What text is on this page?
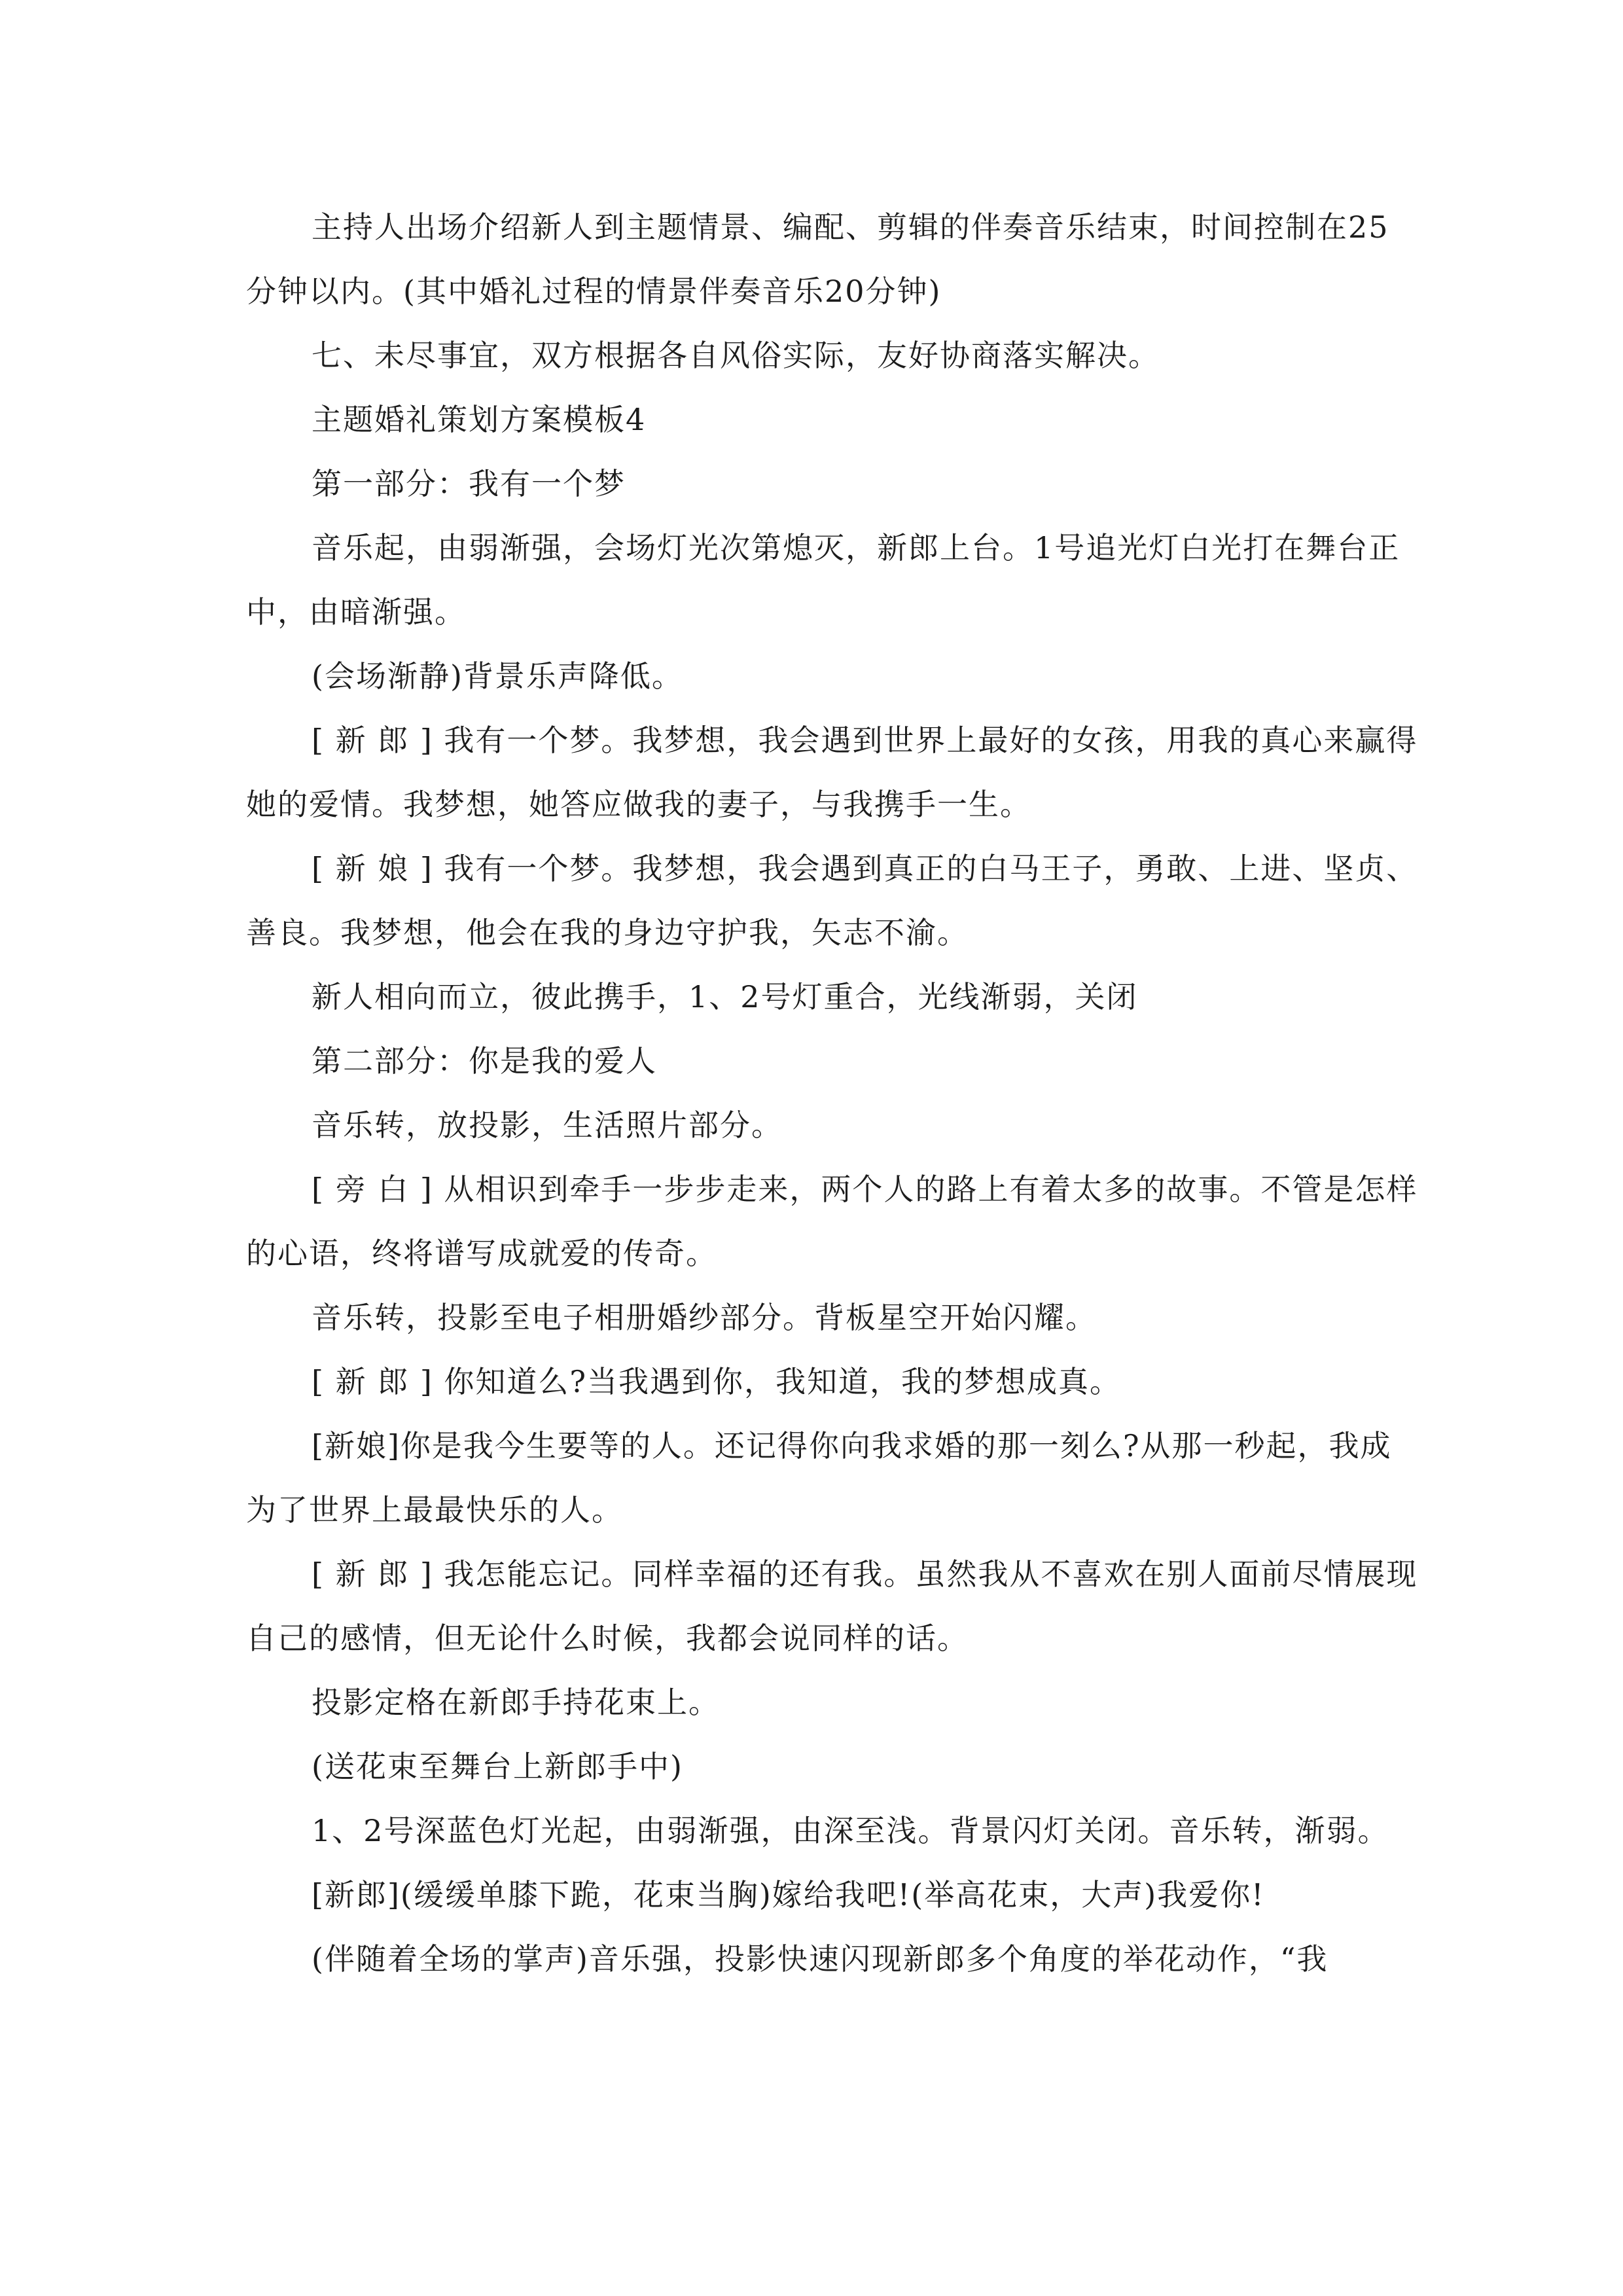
主持人出场介绍新人到主题情景、编配、剪辑的伴奏音乐结束，时间控制在25分钟以内。(其中婚礼过程的情景伴奏音乐20分钟)

七、未尽事宜，双方根据各自风俗实际，友好协商落实解决。

主题婚礼策划方案模板4

第一部分：我有一个梦

音乐起，由弱渐强，会场灯光次第熄灭，新郎上台。1号追光灯白光打在舞台正中，由暗渐强。

(会场渐静)背景乐声降低。

[ 新 郎 ] 我有一个梦。我梦想，我会遇到世界上最好的女孩，用我的真心来赢得她的爱情。我梦想，她答应做我的妻子，与我携手一生。

[ 新 娘 ] 我有一个梦。我梦想，我会遇到真正的白马王子，勇敢、上进、坚贞、善良。我梦想，他会在我的身边守护我，矢志不渝。

新人相向而立，彼此携手，1、2号灯重合，光线渐弱，关闭

第二部分：你是我的爱人

音乐转，放投影，生活照片部分。

[ 旁 白 ] 从相识到牵手一步步走来，两个人的路上有着太多的故事。不管是怎样的心语，终将谱写成就爱的传奇。

音乐转，投影至电子相册婚纱部分。背板星空开始闪耀。

[ 新 郎 ] 你知道么?当我遇到你，我知道，我的梦想成真。

[新娘]你是我今生要等的人。还记得你向我求婚的那一刻么?从那一秒起，我成为了世界上最最快乐的人。

[ 新 郎 ] 我怎能忘记。同样幸福的还有我。虽然我从不喜欢在别人面前尽情展现自己的感情，但无论什么时候，我都会说同样的话。

投影定格在新郎手持花束上。

(送花束至舞台上新郎手中)

1、2号深蓝色灯光起，由弱渐强，由深至浅。背景闪灯关闭。音乐转，渐弱。

[新郎](缓缓单膝下跪，花束当胸)嫁给我吧!(举高花束，大声)我爱你!

(伴随着全场的掌声)音乐强，投影快速闪现新郎多个角度的举花动作，“我
